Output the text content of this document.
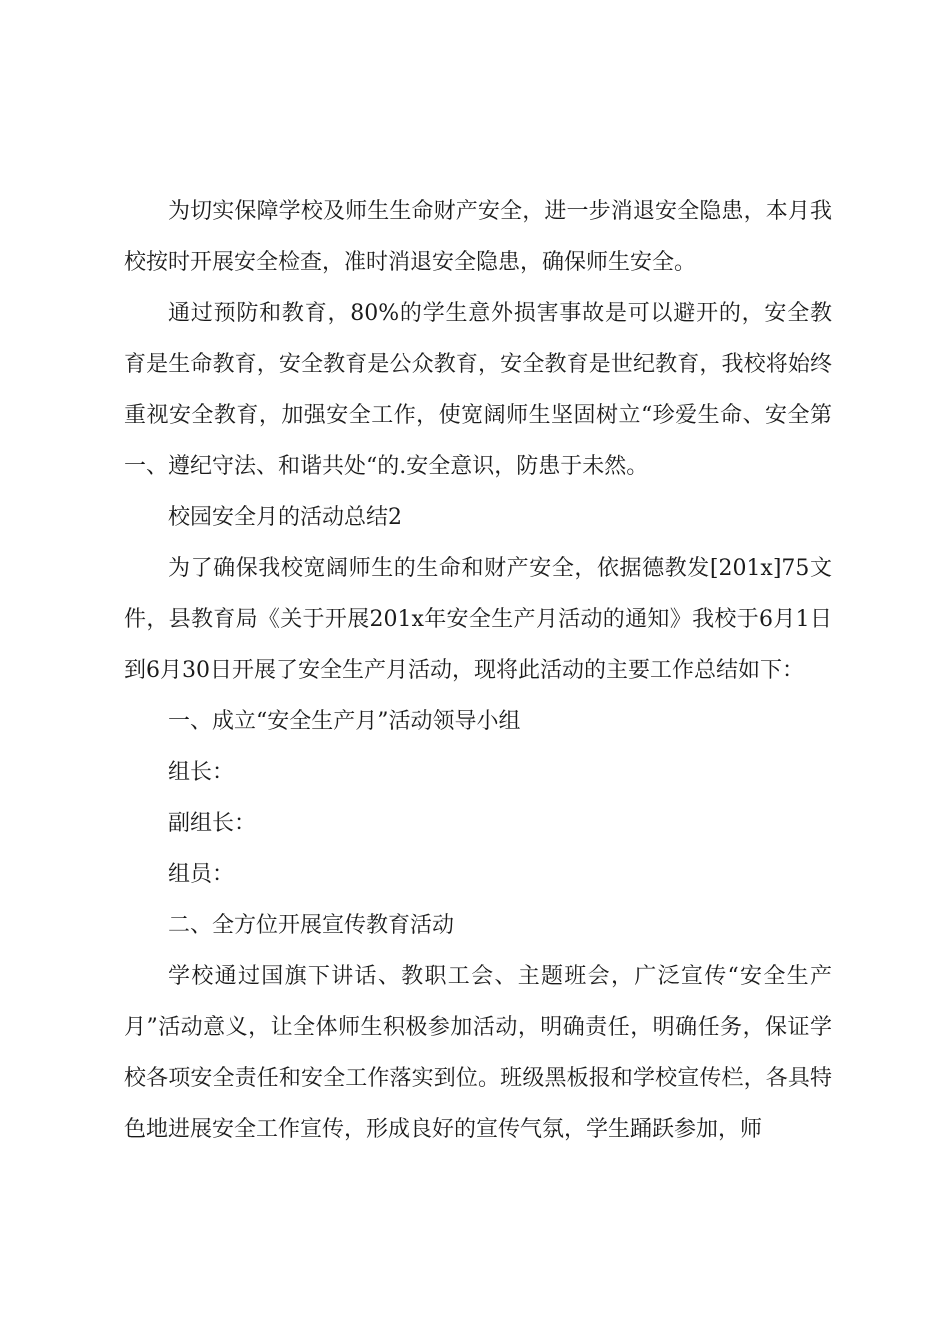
为切实保障学校及师生生命财产安全，进一步消退安全隐患，本月我校按时开展安全检查，准时消退安全隐患，确保师生安全。

通过预防和教育，80%的学生意外损害事故是可以避开的，安全教育是生命教育，安全教育是公众教育，安全教育是世纪教育，我校将始终重视安全教育，加强安全工作，使宽阔师生坚固树立“珍爱生命、安全第一、遵纪守法、和谐共处“的.安全意识，防患于未然。

校园安全月的活动总结2

为了确保我校宽阔师生的生命和财产安全，依据德教发[201x]75文件，县教育局《关于开展201x年安全生产月活动的通知》我校于6月1日到6月30日开展了安全生产月活动，现将此活动的主要工作总结如下：

一、成立“安全生产月”活动领导小组

组长：

副组长：

组员：

二、全方位开展宣传教育活动

学校通过国旗下讲话、教职工会、主题班会，广泛宣传“安全生产月”活动意义，让全体师生积极参加活动，明确责任，明确任务，保证学校各项安全责任和安全工作落实到位。班级黑板报和学校宣传栏，各具特色地进展安全工作宣传，形成良好的宣传气氛，学生踊跃参加，师
